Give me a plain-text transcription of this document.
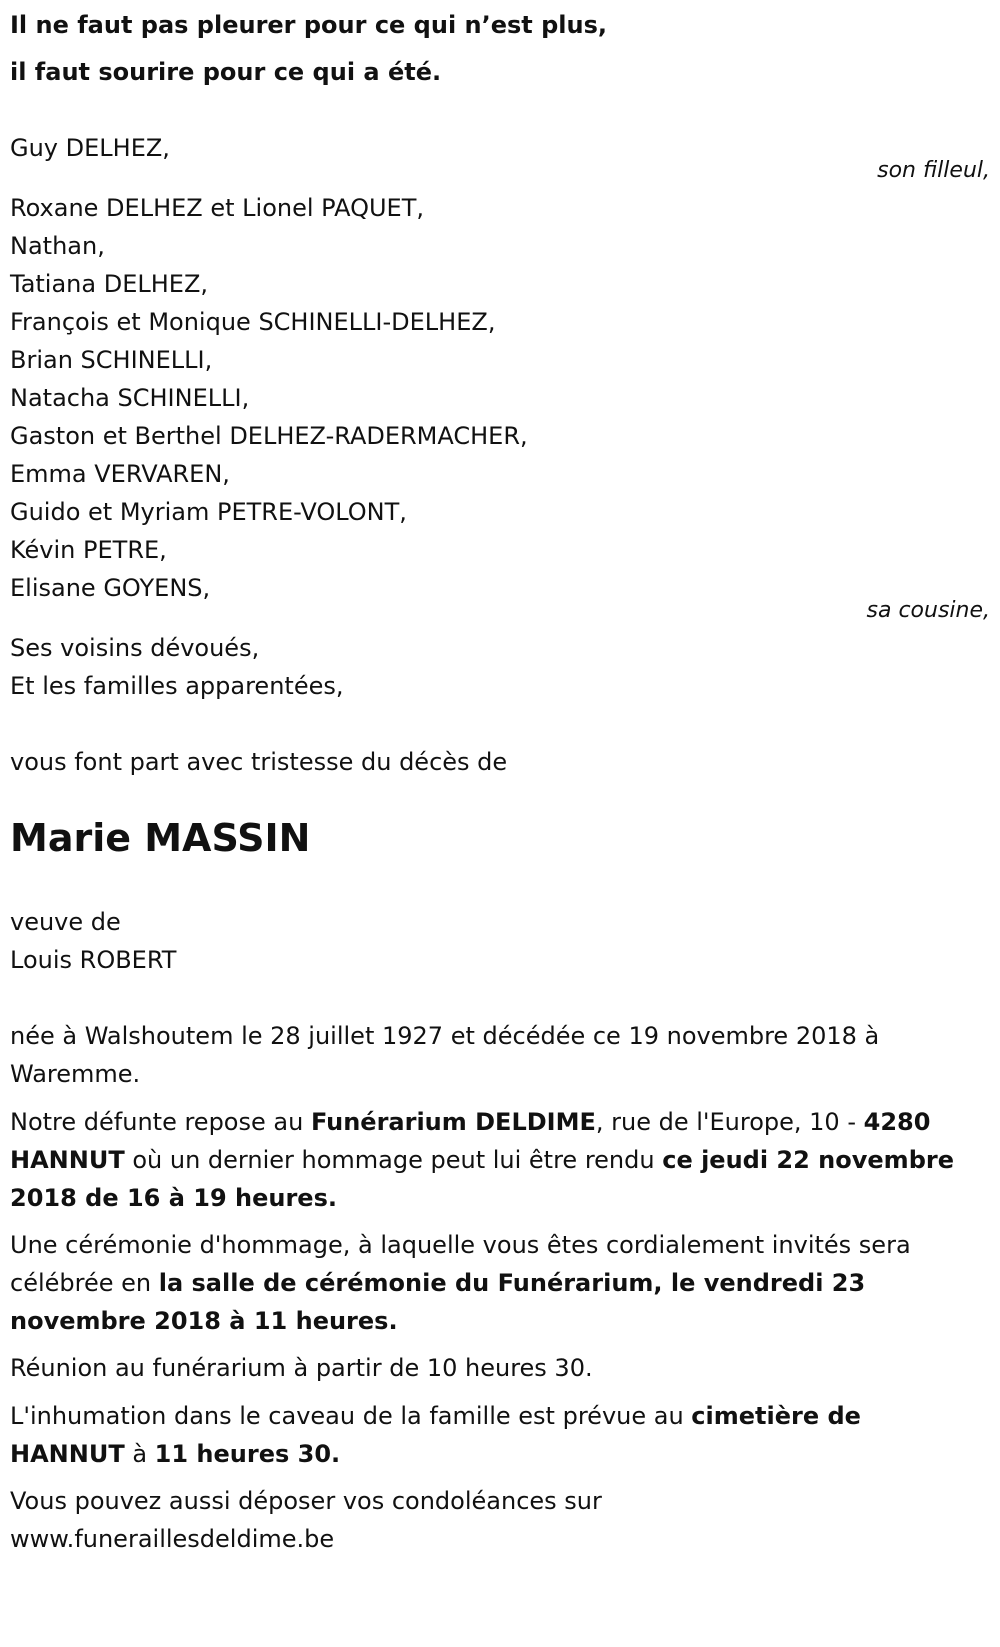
Il ne faut pas pleurer pour ce qui n’est plus,
il faut sourire pour ce qui a été.
Guy DELHEZ,
son filleul,
Roxane DELHEZ et Lionel PAQUET,
Nathan,
Tatiana DELHEZ,
François et Monique SCHINELLI-DELHEZ,
Brian SCHINELLI,
Natacha SCHINELLI,
Gaston et Berthel DELHEZ-RADERMACHER,
Emma VERVAREN,
Guido et Myriam PETRE-VOLONT,
Kévin PETRE,
Elisane GOYENS,
sa cousine,
Ses voisins dévoués,
Et les familles apparentées,
vous font part avec tristesse du décès de
Marie MASSIN
veuve de
Louis ROBERT
née à Walshoutem le 28 juillet 1927 et décédée ce 19 novembre 2018 à Waremme.
Notre défunte repose au Funérarium DELDIME, rue de l'Europe, 10 - 4280 HANNUT où un dernier hommage peut lui être rendu ce jeudi 22 novembre 2018 de 16 à 19 heures.
Une cérémonie d'hommage, à laquelle vous êtes cordialement invités sera célébrée en la salle de cérémonie du Funérarium, le vendredi 23 novembre 2018 à 11 heures.
Réunion au funérarium à partir de 10 heures 30.
L'inhumation dans le caveau de la famille est prévue au cimetière de HANNUT à 11 heures 30.
Vous pouvez aussi déposer vos condoléances sur
www.funeraillesdeldime.be
